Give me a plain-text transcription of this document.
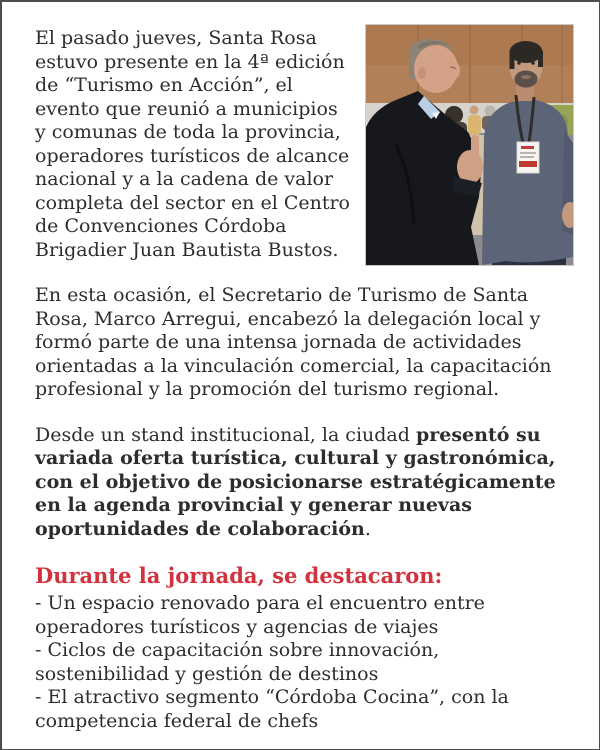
El pasado jueves, Santa Rosa estuvo presente en la 4ª edición de “Turismo en Acción”, el evento que reunió a municipios y comunas de toda la provincia, operadores turísticos de alcance nacional y a la cadena de valor completa del sector en el Centro de Convenciones Córdoba Brigadier Juan Bautista Bustos.

En esta ocasión, el Secretario de Turismo de Santa Rosa, Marco Arregui, encabezó la delegación local y formó parte de una intensa jornada de actividades orientadas a la vinculación comercial, la capacitación profesional y la promoción del turismo regional.

Desde un stand institucional, la ciudad presentó su variada oferta turística, cultural y gastronómica, con el objetivo de posicionarse estratégicamente en la agenda provincial y generar nuevas oportunidades de colaboración.

Durante la jornada, se destacaron:
- Un espacio renovado para el encuentro entre operadores turísticos y agencias de viajes
- Ciclos de capacitación sobre innovación, sostenibilidad y gestión de destinos
- El atractivo segmento “Córdoba Cocina”, con la competencia federal de chefs
